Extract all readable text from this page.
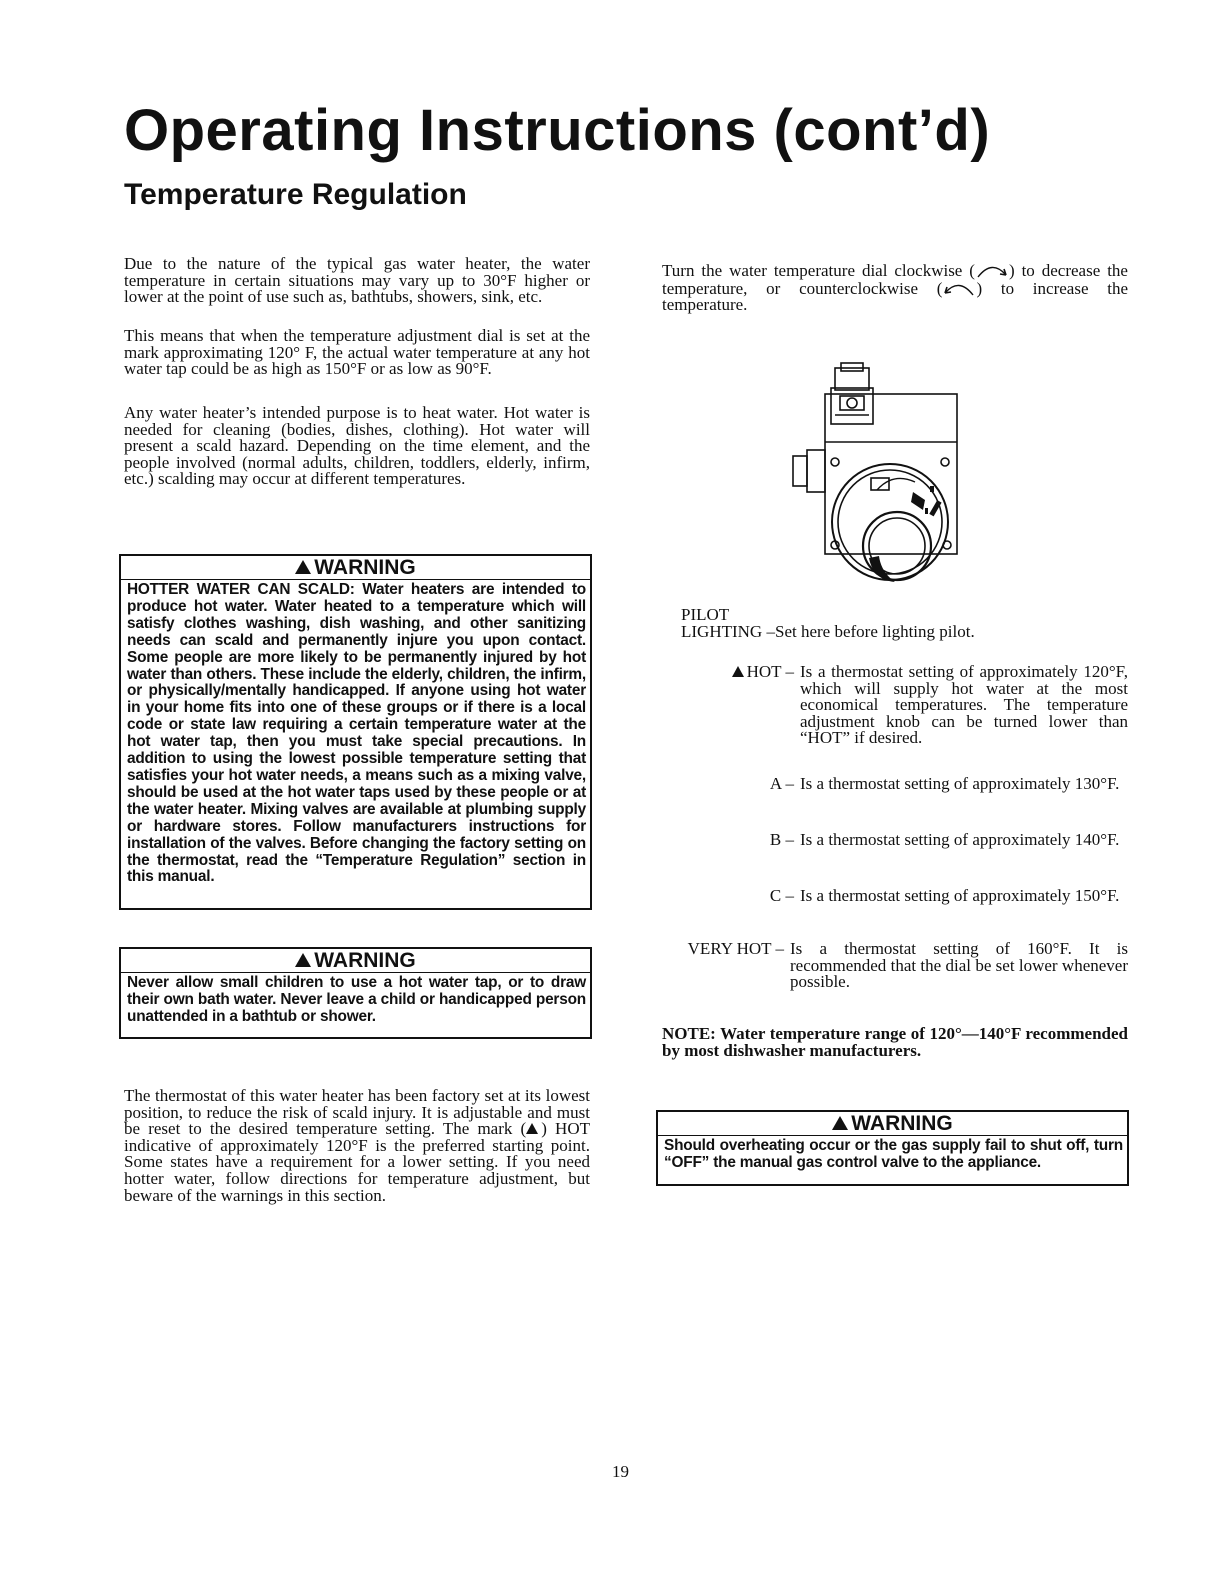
Operating Instructions (cont’d)
Temperature Regulation

Due to the nature of the typical gas water heater, the water temperature in certain situations may vary up to 30°F higher or lower at the point of use such as, bathtubs, showers, sink, etc.

This means that when the temperature adjustment dial is set at the mark approximating 120° F, the actual water temperature at any hot water tap could be as high as 150°F or as low as 90°F.

Any water heater’s intended purpose is to heat water. Hot water is needed for cleaning (bodies, dishes, clothing). Hot water will present a scald hazard. Depending on the time element, and the people involved (normal adults, children, toddlers, elderly, infirm, etc.) scalding may occur at different temperatures.

WARNING
HOTTER WATER CAN SCALD: Water heaters are intended to produce hot water. Water heated to a temperature which will satisfy clothes washing, dish washing, and other sanitizing needs can scald and permanently injure you upon contact. Some people are more likely to be permanently injured by hot water than others. These include the elderly, children, the infirm, or physically/mentally handicapped. If anyone using hot water in your home fits into one of these groups or if there is a local code or state law requiring a certain temperature water at the hot water tap, then you must take special precautions. In addition to using the lowest possible temperature setting that satisfies your hot water needs, a means such as a mixing valve, should be used at the hot water taps used by these people or at the water heater. Mixing valves are available at plumbing supply or hardware stores. Follow manufacturers instructions for installation of the valves. Before changing the factory setting on the thermostat, read the “Temperature Regulation” section in this manual.
WARNING
Never allow small children to use a hot water tap, or to draw their own bath water. Never leave a child or handicapped person unattended in a bathtub or shower.

The thermostat of this water heater has been factory set at its lowest position, to reduce the risk of scald injury. It is adjustable and must be reset to the desired temperature setting. The mark ( ) HOT indicative of approximately 120°F is the preferred starting point. Some states have a requirement for a lower setting. If you need hotter water, follow directions for temperature adjustment, but beware of the warnings in this section.

Turn the water temperature dial clockwise ( ) to decrease the temperature, or counterclockwise ( ) to increase the temperature.

PILOT
LIGHTING – Set here before lighting pilot.
HOT – Is a thermostat setting of approximately 120°F, which will supply hot water at the most economical temperatures. The temperature adjustment knob can be turned lower than “HOT” if desired.
A – Is a thermostat setting of approximately 130°F.
B – Is a thermostat setting of approximately 140°F.
C – Is a thermostat setting of approximately 150°F.
VERY HOT – Is a thermostat setting of 160°F. It is recommended that the dial be set lower whenever possible.

NOTE: Water temperature range of 120°—140°F recommended by most dishwasher manufacturers.

WARNING
Should overheating occur or the gas supply fail to shut off, turn “OFF” the manual gas control valve to the appliance.
19
